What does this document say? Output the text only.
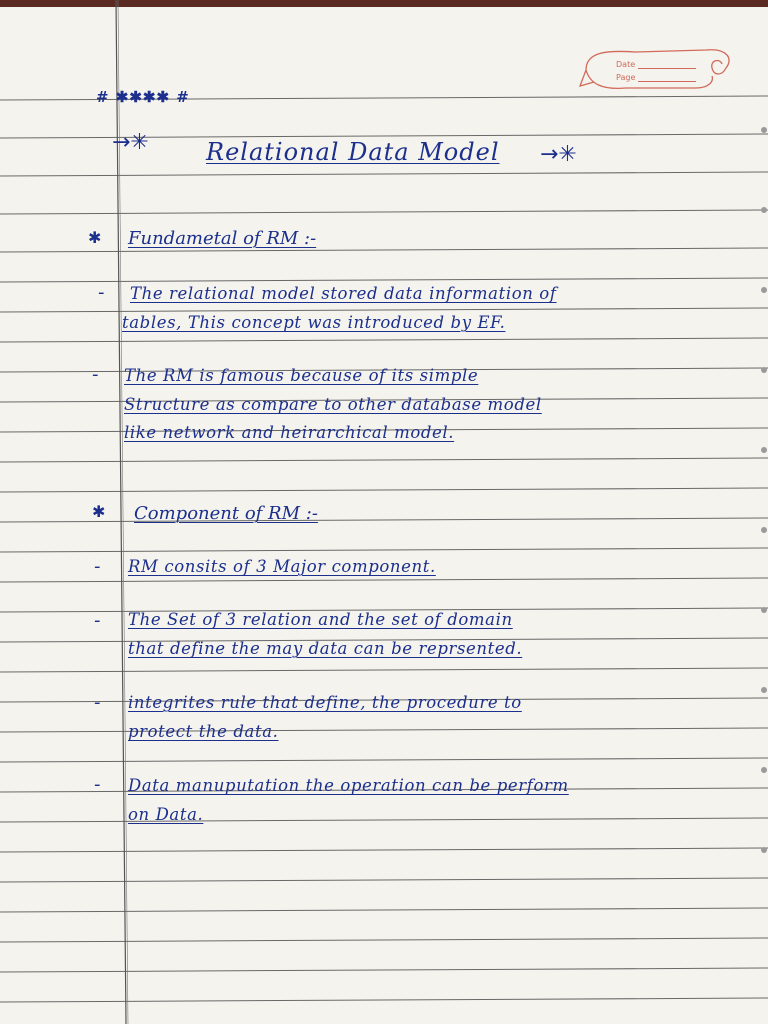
Date
Page
# ✱✱✱✱ #
→✳ Relational Data Model →✳
✱ Fundametal of RM :-
- The relational model stored data information of
tables, This concept was introduced by EF.
- The RM is famous because of its simple
Structure as compare to other database model
like network and heirarchical model.
✱ Component of RM :-
- RM consits of 3 Major component.
- The Set of 3 relation and the set of domain
that define the may data can be reprsented.
- integrites rule that define, the procedure to
protect the data.
- Data manuputation the operation can be perform
on Data.
